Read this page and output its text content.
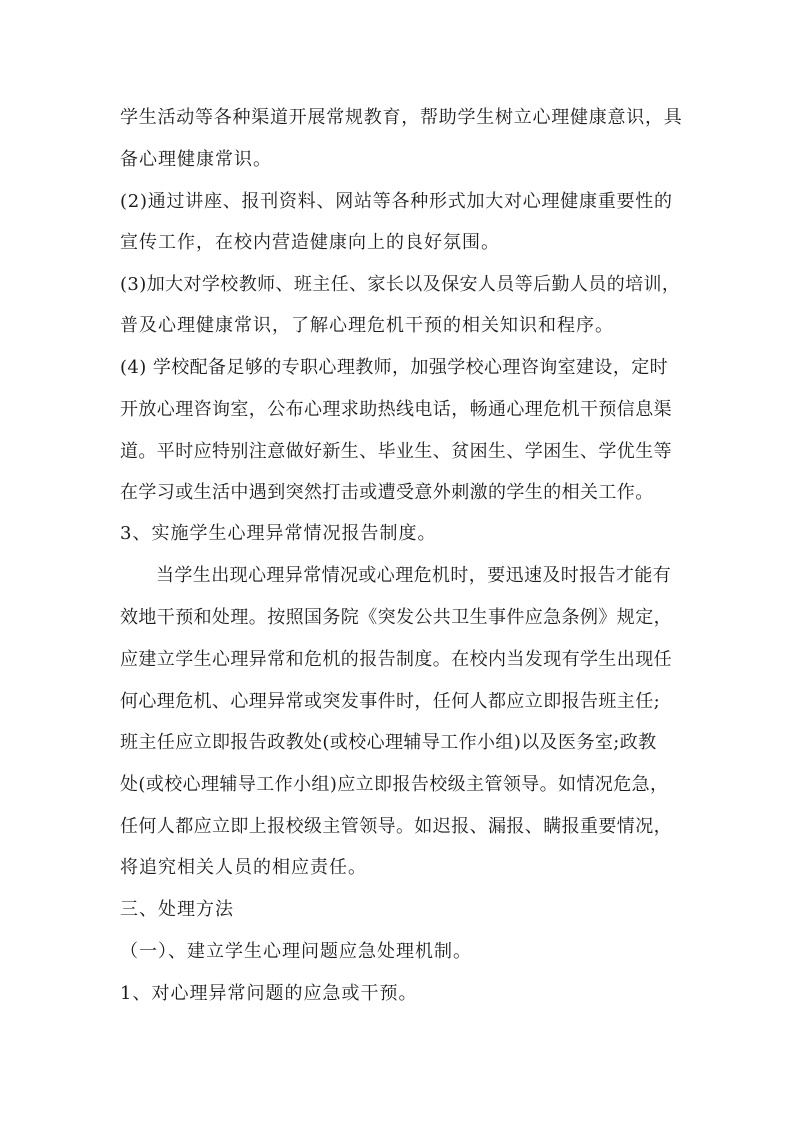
学生活动等各种渠道开展常规教育，帮助学生树立心理健康意识，具
备心理健康常识。
(2)通过讲座、报刊资料、网站等各种形式加大对心理健康重要性的
宣传工作，在校内营造健康向上的良好氛围。
(3)加大对学校教师、班主任、家长以及保安人员等后勤人员的培训，
普及心理健康常识，了解心理危机干预的相关知识和程序。
(4) 学校配备足够的专职心理教师，加强学校心理咨询室建设，定时
开放心理咨询室，公布心理求助热线电话，畅通心理危机干预信息渠
道。平时应特别注意做好新生、毕业生、贫困生、学困生、学优生等
在学习或生活中遇到突然打击或遭受意外刺激的学生的相关工作。
3、实施学生心理异常情况报告制度。
当学生出现心理异常情况或心理危机时，要迅速及时报告才能有
效地干预和处理。按照国务院《突发公共卫生事件应急条例》规定，
应建立学生心理异常和危机的报告制度。在校内当发现有学生出现任
何心理危机、心理异常或突发事件时，任何人都应立即报告班主任;
班主任应立即报告政教处(或校心理辅导工作小组)以及医务室;政教
处(或校心理辅导工作小组)应立即报告校级主管领导。如情况危急，
任何人都应立即上报校级主管领导。如迟报、漏报、瞒报重要情况，
将追究相关人员的相应责任。
三、处理方法
（一）、建立学生心理问题应急处理机制。
1、对心理异常问题的应急或干预。
